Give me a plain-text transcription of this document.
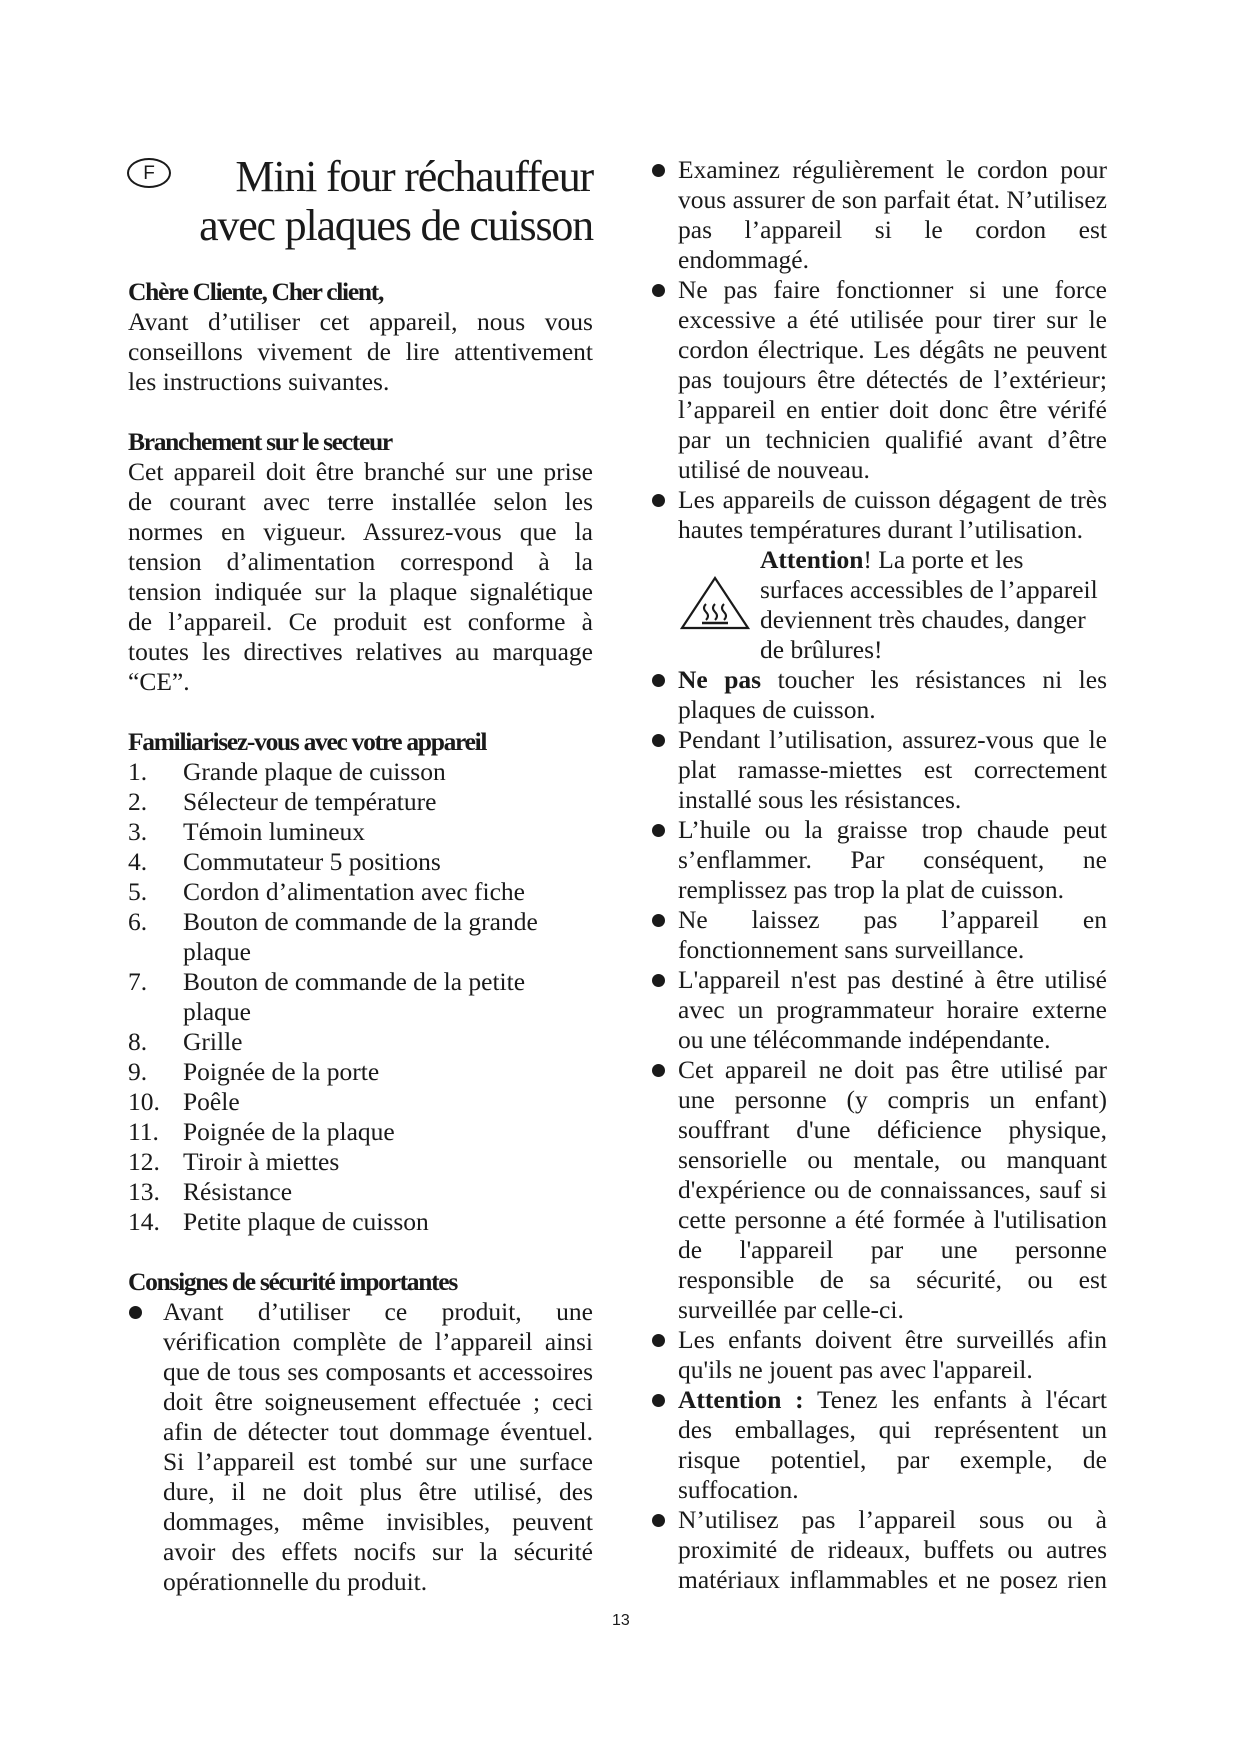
F	Mini four réchauffeur
avec plaques de cuisson
Chère Cliente, Cher client,
Avant d’utiliser cet appareil, nous vous
conseillons vivement de lire attentivement
les instructions suivantes.
Branchement sur le secteur
Cet appareil doit être branché sur une prise
de courant avec terre installée selon les
normes en vigueur. Assurez-vous que la
tension d’alimentation correspond à la
tension indiquée sur la plaque signalétique
de l’appareil. Ce produit est conforme à
toutes les directives relatives au marquage
“CE”.
Familiarisez-vous avec votre appareil
Grande plaque de cuisson
1.
Sélecteur de température
2.
Témoin lumineux
3.
Commutateur 5 positions
4.
Cordon d’alimentation avec fiche
5.
Bouton de commande de la grande
plaque
6.
Bouton de commande de la petite
plaque
7.
Grille
8.
Poignée de la porte
9.
Poêle
10.
Poignée de la plaque
11.
Tiroir à miettes
12.
Résistance
13.
Petite plaque de cuisson
14.
Consignes de sécurité importantes
Avant d’utiliser ce produit, une
vérification complète de l’appareil ainsi
que de tous ses composants et accessoires
doit être soigneusement effectuée ; ceci
afin de détecter tout dommage éventuel.
Si l’appareil est tombé sur une surface
dure, il ne doit plus être utilisé, des
dommages, même invisibles, peuvent
avoir des effets nocifs sur la sécurité
opérationnelle du produit.
Examinez régulièrement le cordon pour
vous assurer de son parfait état. N’utilisez
pas l’appareil si le cordon est
endommagé.
Ne pas faire fonctionner si une force
excessive a été utilisée pour tirer sur le
cordon électrique. Les dégâts ne peuvent
pas toujours être détectés de l’extérieur;
l’appareil en entier doit donc être vérifé
par un technicien qualifié avant d’être
utilisé de nouveau.
Les appareils de cuisson dégagent de très
hautes températures durant l’utilisation.
Attention! La porte et les
surfaces accessibles de l’appareil
deviennent très chaudes, danger
de brûlures!
Ne pas toucher les résistances ni les
plaques de cuisson.
Pendant l’utilisation, assurez-vous que le
plat ramasse-miettes est correctement
installé sous les résistances.
L’huile ou la graisse trop chaude peut
s’enflammer. Par conséquent, ne
remplissez pas trop la plat de cuisson.
Ne laissez pas l’appareil en
fonctionnement sans surveillance.
L'appareil n'est pas destiné à être utilisé
avec un programmateur horaire externe
ou une télécommande indépendante.
Cet appareil ne doit pas être utilisé par
une personne (y compris un enfant)
souffrant d'une déficience physique,
sensorielle ou mentale, ou manquant
d'expérience ou de connaissances, sauf si
cette personne a été formée à l'utilisation
de l'appareil par une personne
responsible de sa sécurité, ou est
surveillée par celle-ci.
Les enfants doivent être surveillés afin
qu'ils ne jouent pas avec l'appareil.
Attention : Tenez les enfants à l'écart
des emballages, qui représentent un
risque potentiel, par exemple, de
suffocation.
N’utilisez pas l’appareil sous ou à
proximité de rideaux, buffets ou autres
matériaux inflammables et ne posez rien
13
